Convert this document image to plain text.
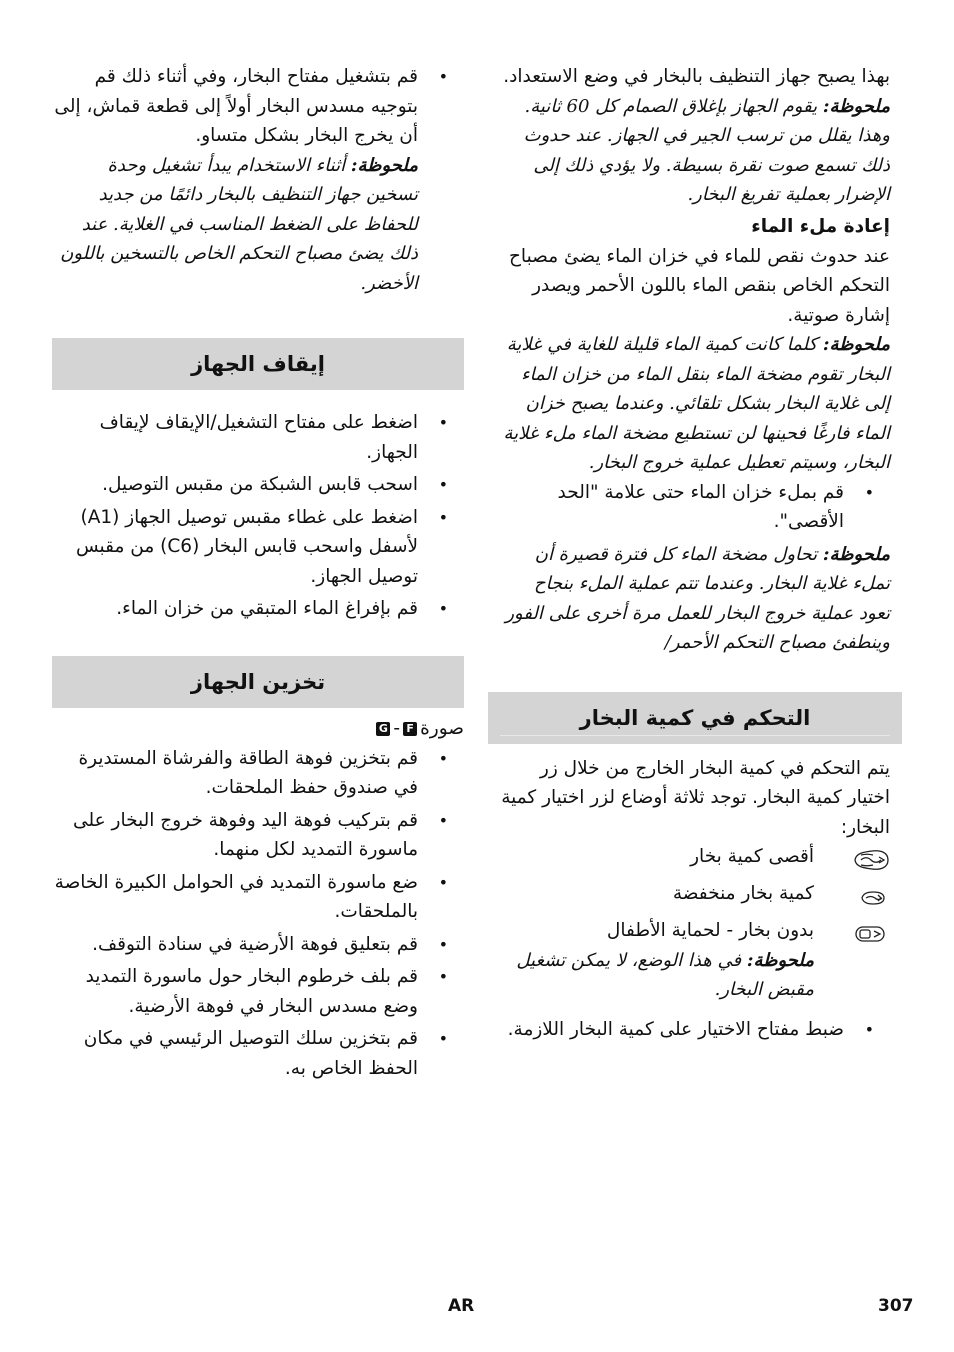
بهذا يصبح جهاز التنظيف بالبخار في وضع الاستعداد.

ملحوظة: يقوم الجهاز بإغلاق الصمام كل 60 ثانية. وهذا يقلل من ترسب الجير في الجهاز. عند حدوث ذلك تسمع صوت نقرة بسيطة. ولا يؤدي ذلك إلى الإضرار بعملية تفريغ البخار.

إعادة ملء الماء

عند حدوث نقص للماء في خزان الماء يضئ مصباح التحكم الخاص بنقص الماء باللون الأحمر ويصدر إشارة صوتية.

ملحوظة: كلما كانت كمية الماء قليلة للغاية في غلاية البخار تقوم مضخة الماء بنقل الماء من خزان الماء إلى غلاية البخار بشكل تلقائي. وعندما يصبح خزان الماء فارغًا فحينها لن تستطيع مضخة الماء ملء غلاية البخار، وسيتم تعطيل عملية خروج البخار.

• قم بملء خزان الماء حتى علامة "الحد الأقصى".

ملحوظة: تحاول مضخة الماء كل فترة قصيرة أن تملء غلاية البخار. وعندما تتم عملية الملء بنجاح تعود عملية خروج البخار للعمل مرة أخرى على الفور وينطفئ مصباح التحكم الأحمر/

التحكم في كمية البخار

يتم التحكم في كمية البخار الخارج من خلال زر اختيار كمية البخار. توجد ثلاثة أوضاع لزر اختيار كمية البخار:

أقصى كمية بخار
كمية بخار منخفضة
بدون بخار - لحماية الأطفال

ملحوظة: في هذا الوضع، لا يمكن تشغيل مقبض البخار.

• ضبط مفتاح الاختيار على كمية البخار اللازمة.
• قم بتشغيل مفتاح البخار، وفي أثناء ذلك قم بتوجيه مسدس البخار أولاً إلى قطعة قماش، إلى أن يخرج البخار بشكل متساو.

ملحوظة: أثناء الاستخدام يبدأ تشغيل وحدة تسخين جهاز التنظيف بالبخار دائمًا من جديد للحفاظ على الضغط المناسب في الغلاية. عند ذلك يضئ مصباح التحكم الخاص بالتسخين باللون الأخضر.

إيقاف الجهاز
• اضغط على مفتاح التشغيل/الإيقاف لإيقاف الجهاز.
• اسحب قابس الشبكة من مقبس التوصيل.
• اضغط على غطاء مقبس توصيل الجهاز (A1) لأسفل واسحب قابس البخار (C6) من مقبس توصيل الجهاز.
• قم بإفراغ الماء المتبقي من خزان الماء.
تخزين الجهاز
صورة
F
-
G
• قم بتخزين فوهة الطاقة والفرشاة المستديرة في صندوق حفظ الملحقات.
• قم بتركيب فوهة اليد وفوهة خروج البخار على ماسورة التمديد لكل منهما.
• ضع ماسورة التمديد في الحوامل الكبيرة الخاصة بالملحقات.
• قم بتعليق فوهة الأرضية في سنادة التوقف.
• قم بلف خرطوم البخار حول ماسورة التمديد وضع مسدس البخار في فوهة الأرضية.
• قم بتخزين سلك التوصيل الرئيسي في مكان الحفظ الخاص به.
AR	307
